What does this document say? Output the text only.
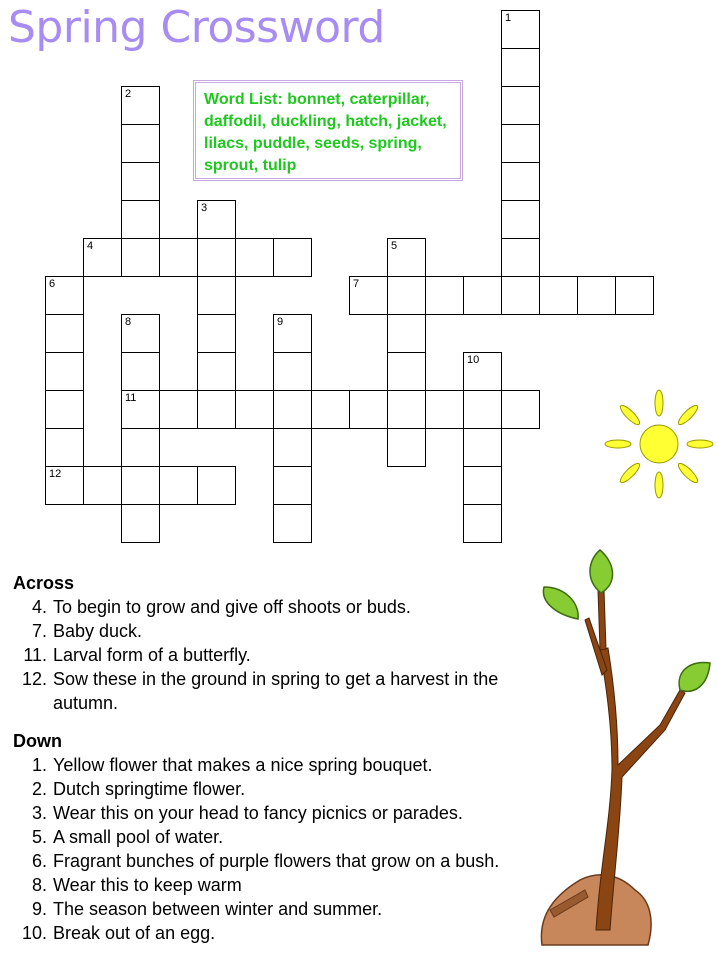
Spring Crossword
Word List: bonnet, caterpillar, daffodil, duckling, hatch, jacket, lilacs, puddle, seeds, spring, sprout, tulip
1
2
3
4	5
6
12
7
8
11
9
10
Across
4. To begin to grow and give off shoots or buds.
7. Baby duck.
11. Larval form of a butterfly.
12. Sow these in the ground in spring to get a harvest in the autumn.
Down
1. Yellow flower that makes a nice spring bouquet.
2. Dutch springtime flower.
3. Wear this on your head to fancy picnics or parades.
5. A small pool of water.
6. Fragrant bunches of purple flowers that grow on a bush.
8. Wear this to keep warm
9. The season between winter and summer.
10. Break out of an egg.
